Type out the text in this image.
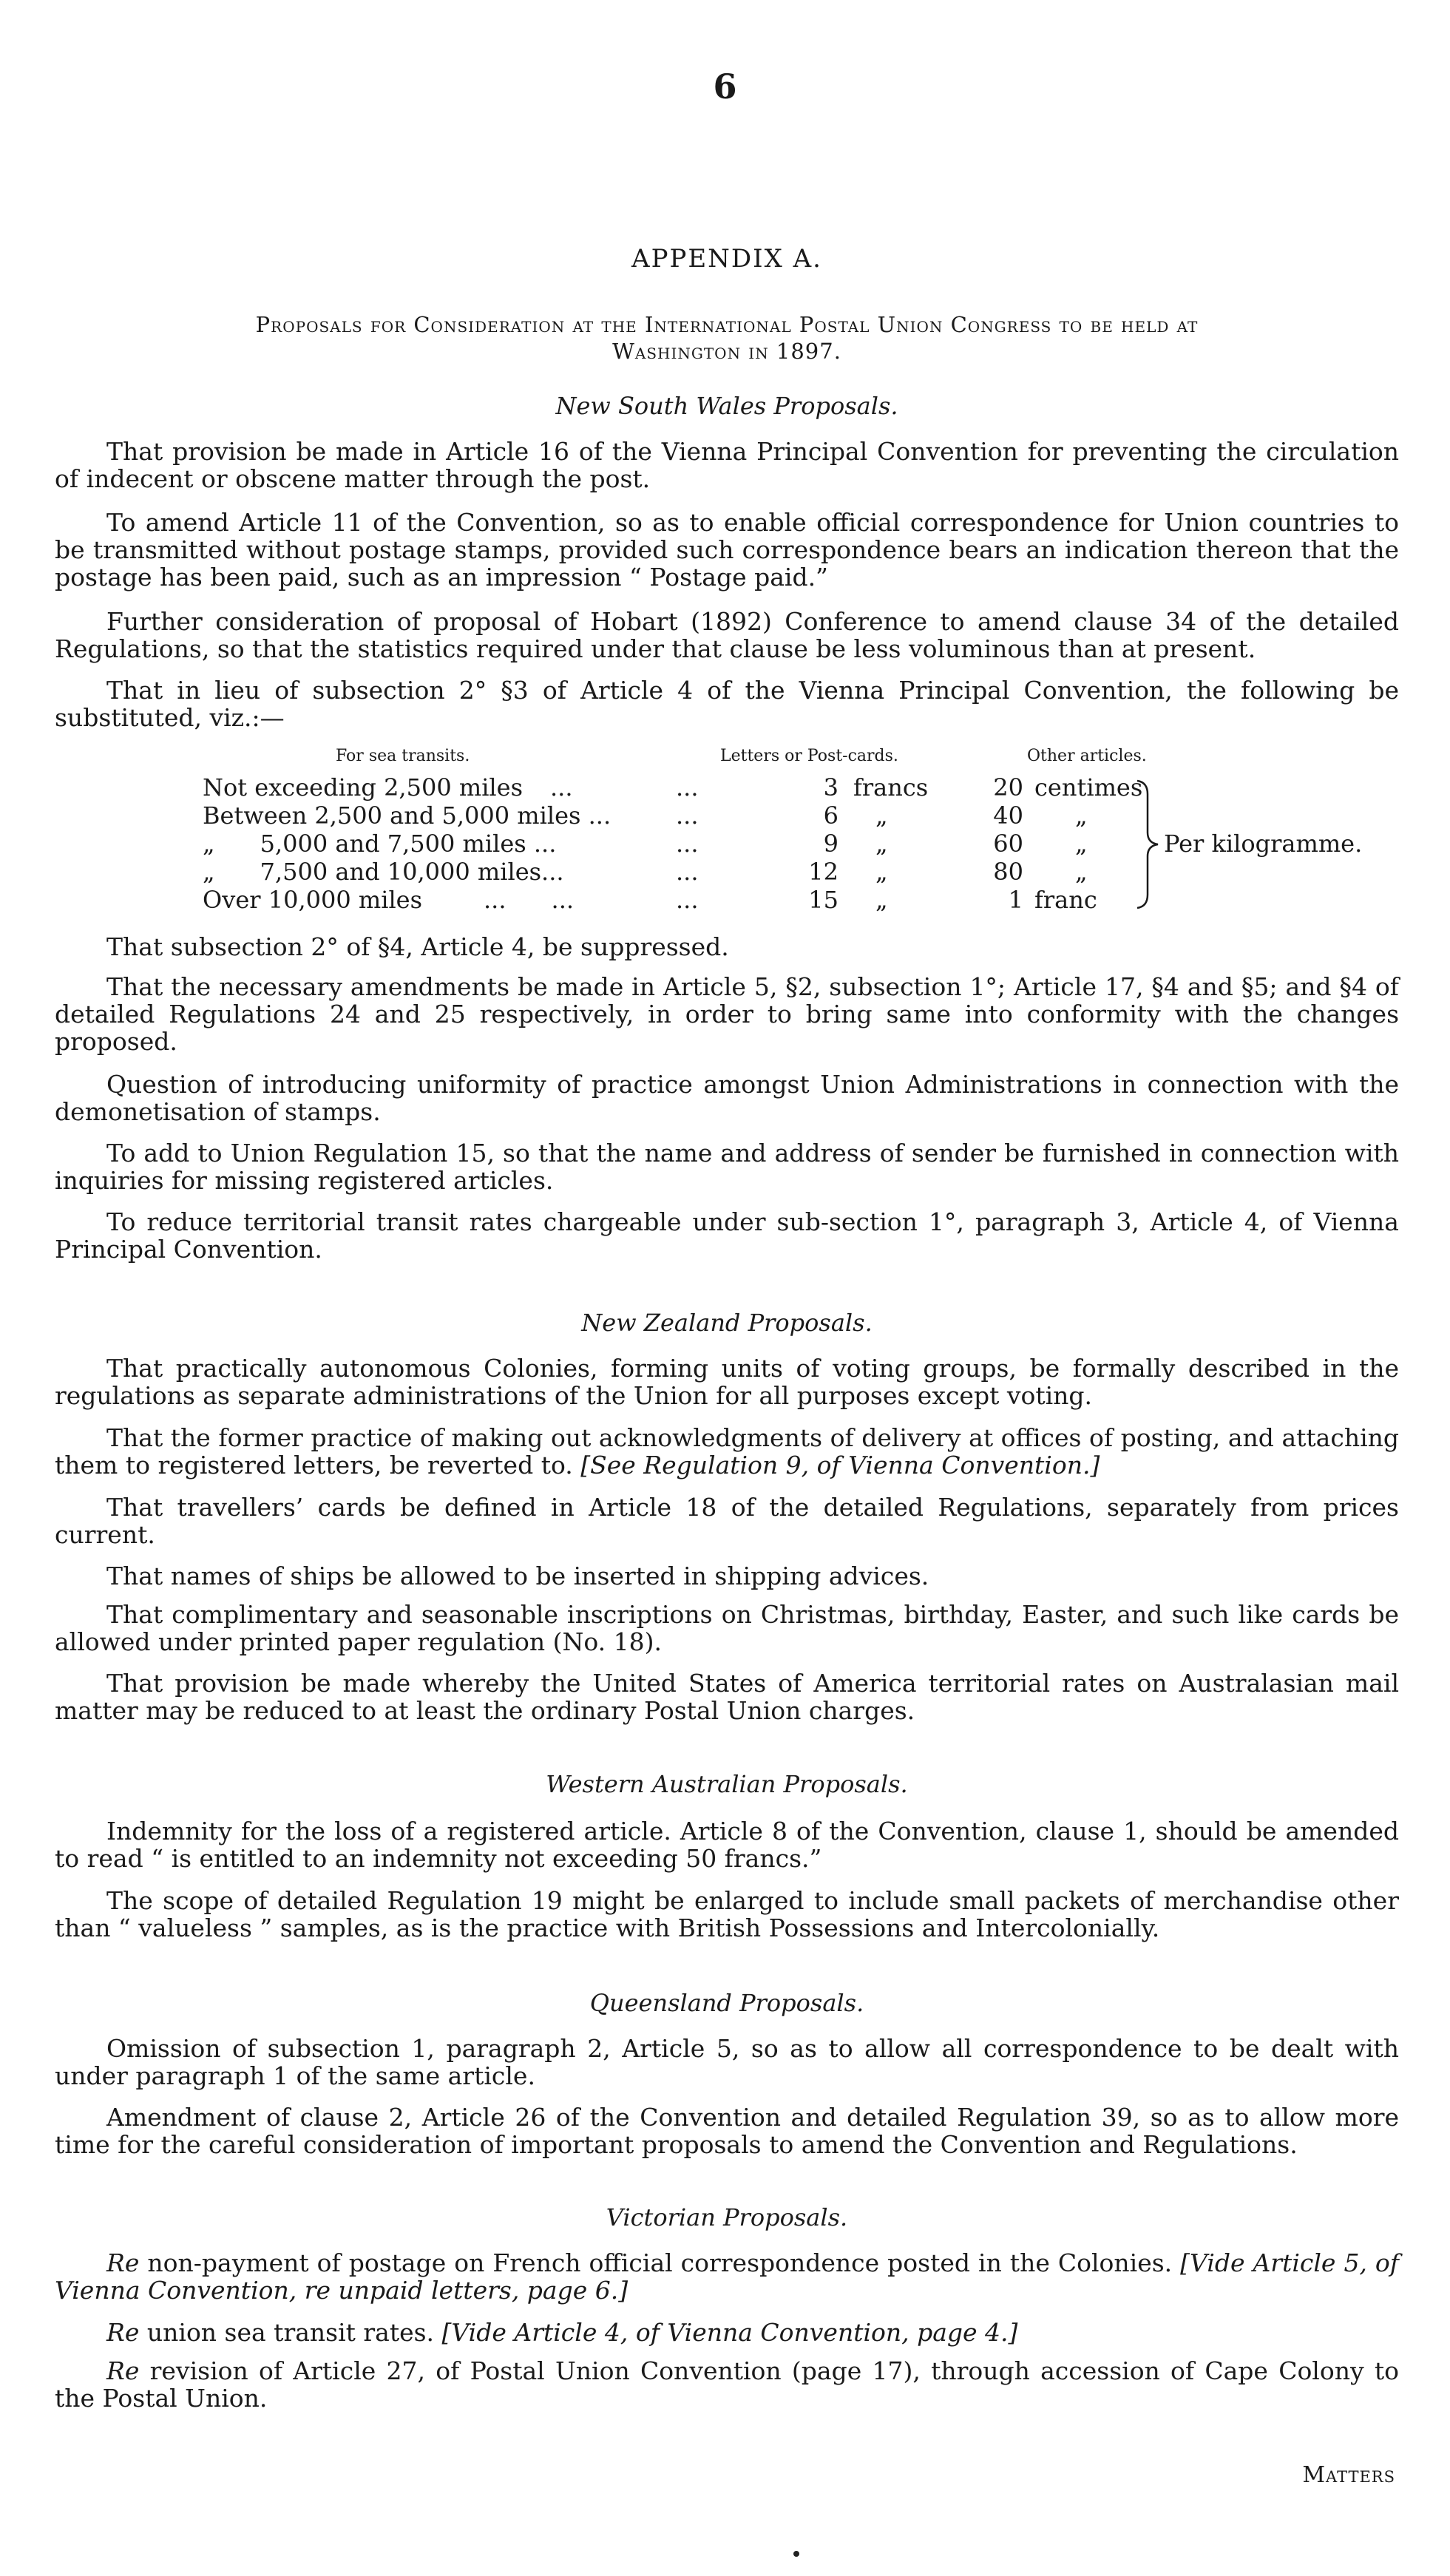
6
APPENDIX A.
Proposals for Consideration at the International Postal Union Congress to be held at
Washington in 1897.
New South Wales Proposals.

That provision be made in Article 16 of the Vienna Principal Convention for preventing the circulation of indecent or obscene matter through the post.

To amend Article 11 of the Convention, so as to enable official correspondence for Union countries to be transmitted without postage stamps, provided such correspondence bears an indication thereon that the postage has been paid, such as an impression “ Postage paid.”

Further consideration of proposal of Hobart (1892) Conference to amend clause 34 of the detailed Regulations, so that the statistics required under that clause be less voluminous than at present.

That in lieu of subsection 2° §3 of Article 4 of the Vienna Principal Convention, the following be substituted, viz.:—

For sea transits.	Letters or Post-cards.	Other articles.
Not exceeding 2,500 miles ...	...	3 francs	20 centimes
Between 2,500 and 5,000 miles ...	...	6 „	40 „
„      5,000 and 7,500 miles ...	...	9 „	60 „
„      7,500 and 10,000 miles...	...	12 „	80 „
Over 10,000 miles	...      ...	...	15 „	1 franc
Per kilogramme.

That subsection 2° of §4, Article 4, be suppressed.

That the necessary amendments be made in Article 5, §2, subsection 1°; Article 17, §4 and §5; and §4 of detailed Regulations 24 and 25 respectively, in order to bring same into conformity with the changes proposed.

Question of introducing uniformity of practice amongst Union Administrations in connection with the demonetisation of stamps.

To add to Union Regulation 15, so that the name and address of sender be furnished in connection with inquiries for missing registered articles.

To reduce territorial transit rates chargeable under sub-section 1°, paragraph 3, Article 4, of Vienna Principal Convention.

New Zealand Proposals.

That practically autonomous Colonies, forming units of voting groups, be formally described in the regulations as separate administrations of the Union for all purposes except voting.

That the former practice of making out acknowledgments of delivery at offices of posting, and attaching them to registered letters, be reverted to. [See Regulation 9, of Vienna Convention.]

That travellers’ cards be defined in Article 18 of the detailed Regulations, separately from prices current.

That names of ships be allowed to be inserted in shipping advices.

That complimentary and seasonable inscriptions on Christmas, birthday, Easter, and such like cards be allowed under printed paper regulation (No. 18).

That provision be made whereby the United States of America territorial rates on Australasian mail matter may be reduced to at least the ordinary Postal Union charges.

Western Australian Proposals.

Indemnity for the loss of a registered article. Article 8 of the Convention, clause 1, should be amended to read “ is entitled to an indemnity not exceeding 50 francs.”

The scope of detailed Regulation 19 might be enlarged to include small packets of merchandise other than “ valueless ” samples, as is the practice with British Possessions and Intercolonially.

Queensland Proposals.

Omission of subsection 1, paragraph 2, Article 5, so as to allow all correspondence to be dealt with under paragraph 1 of the same article.

Amendment of clause 2, Article 26 of the Convention and detailed Regulation 39, so as to allow more time for the careful consideration of important proposals to amend the Convention and Regulations.

Victorian Proposals.

Re non-payment of postage on French official correspondence posted in the Colonies. [Vide Article 5, of Vienna Convention, re unpaid letters, page 6.]

Re union sea transit rates. [Vide Article 4, of Vienna Convention, page 4.]

Re revision of Article 27, of Postal Union Convention (page 17), through accession of Cape Colony to the Postal Union.

Matters
